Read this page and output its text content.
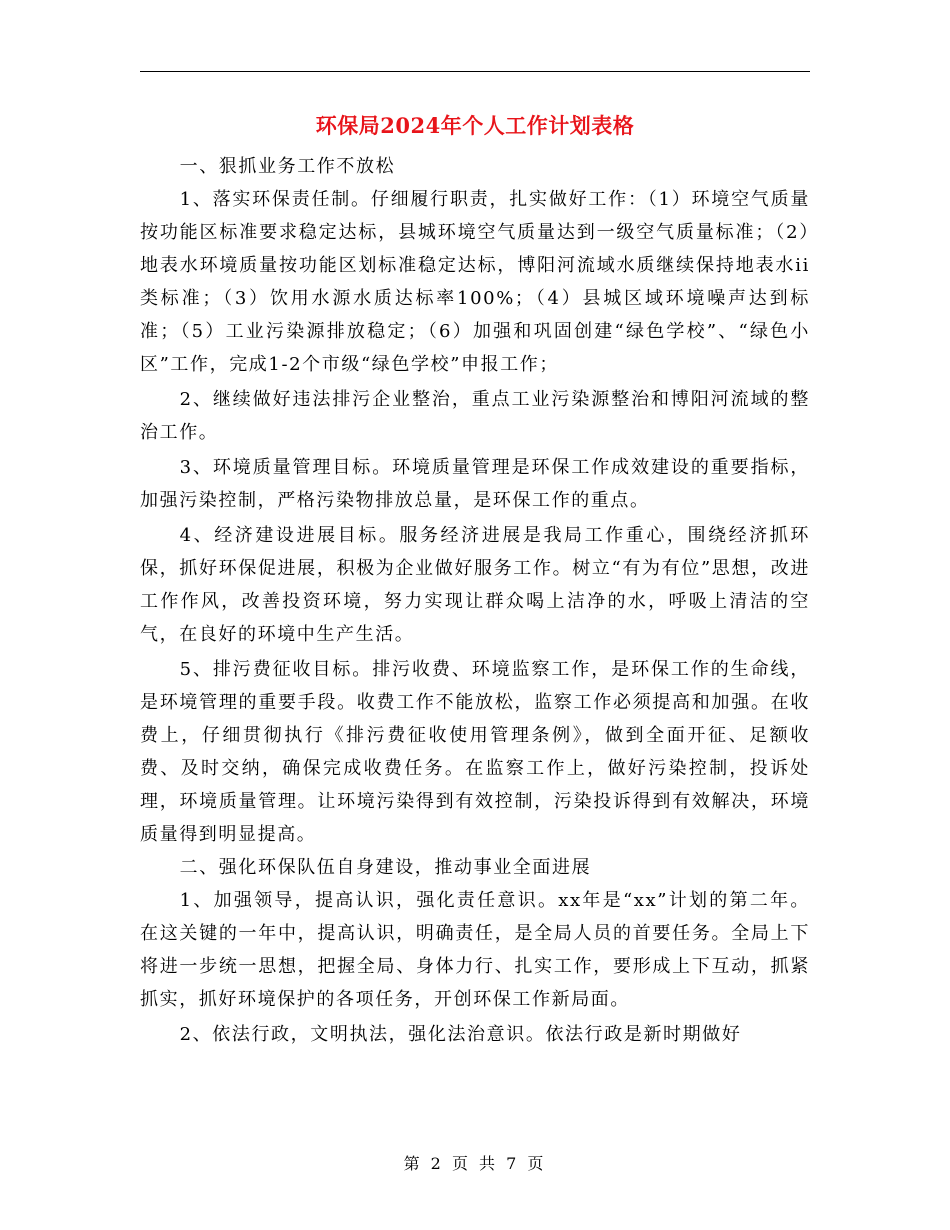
环保局2024年个人工作计划表格

一、狠抓业务工作不放松

1、落实环保责任制。仔细履行职责，扎实做好工作：（1）环境空气质量按功能区标准要求稳定达标，县城环境空气质量达到一级空气质量标准；（2）地表水环境质量按功能区划标准稳定达标，博阳河流域水质继续保持地表水ii类标准；（3）饮用水源水质达标率100%；（4）县城区域环境噪声达到标准；（5）工业污染源排放稳定；（6）加强和巩固创建“绿色学校”、“绿色小区”工作，完成1-2个市级“绿色学校”申报工作；

2、继续做好违法排污企业整治，重点工业污染源整治和博阳河流域的整治工作。

3、环境质量管理目标。环境质量管理是环保工作成效建设的重要指标，加强污染控制，严格污染物排放总量，是环保工作的重点。

4、经济建设进展目标。服务经济进展是我局工作重心，围绕经济抓环保，抓好环保促进展，积极为企业做好服务工作。树立“有为有位”思想，改进工作作风，改善投资环境，努力实现让群众喝上洁净的水，呼吸上清洁的空气，在良好的环境中生产生活。

5、排污费征收目标。排污收费、环境监察工作，是环保工作的生命线，是环境管理的重要手段。收费工作不能放松，监察工作必须提高和加强。在收费上，仔细贯彻执行《排污费征收使用管理条例》，做到全面开征、足额收费、及时交纳，确保完成收费任务。在监察工作上，做好污染控制，投诉处理，环境质量管理。让环境污染得到有效控制，污染投诉得到有效解决，环境质量得到明显提高。

二、强化环保队伍自身建设，推动事业全面进展

1、加强领导，提高认识，强化责任意识。xx年是“xx”计划的第二年。在这关键的一年中，提高认识，明确责任，是全局人员的首要任务。全局上下将进一步统一思想，把握全局、身体力行、扎实工作，要形成上下互动，抓紧抓实，抓好环境保护的各项任务，开创环保工作新局面。

2、依法行政，文明执法，强化法治意识。依法行政是新时期做好

第 2 页 共 7 页
